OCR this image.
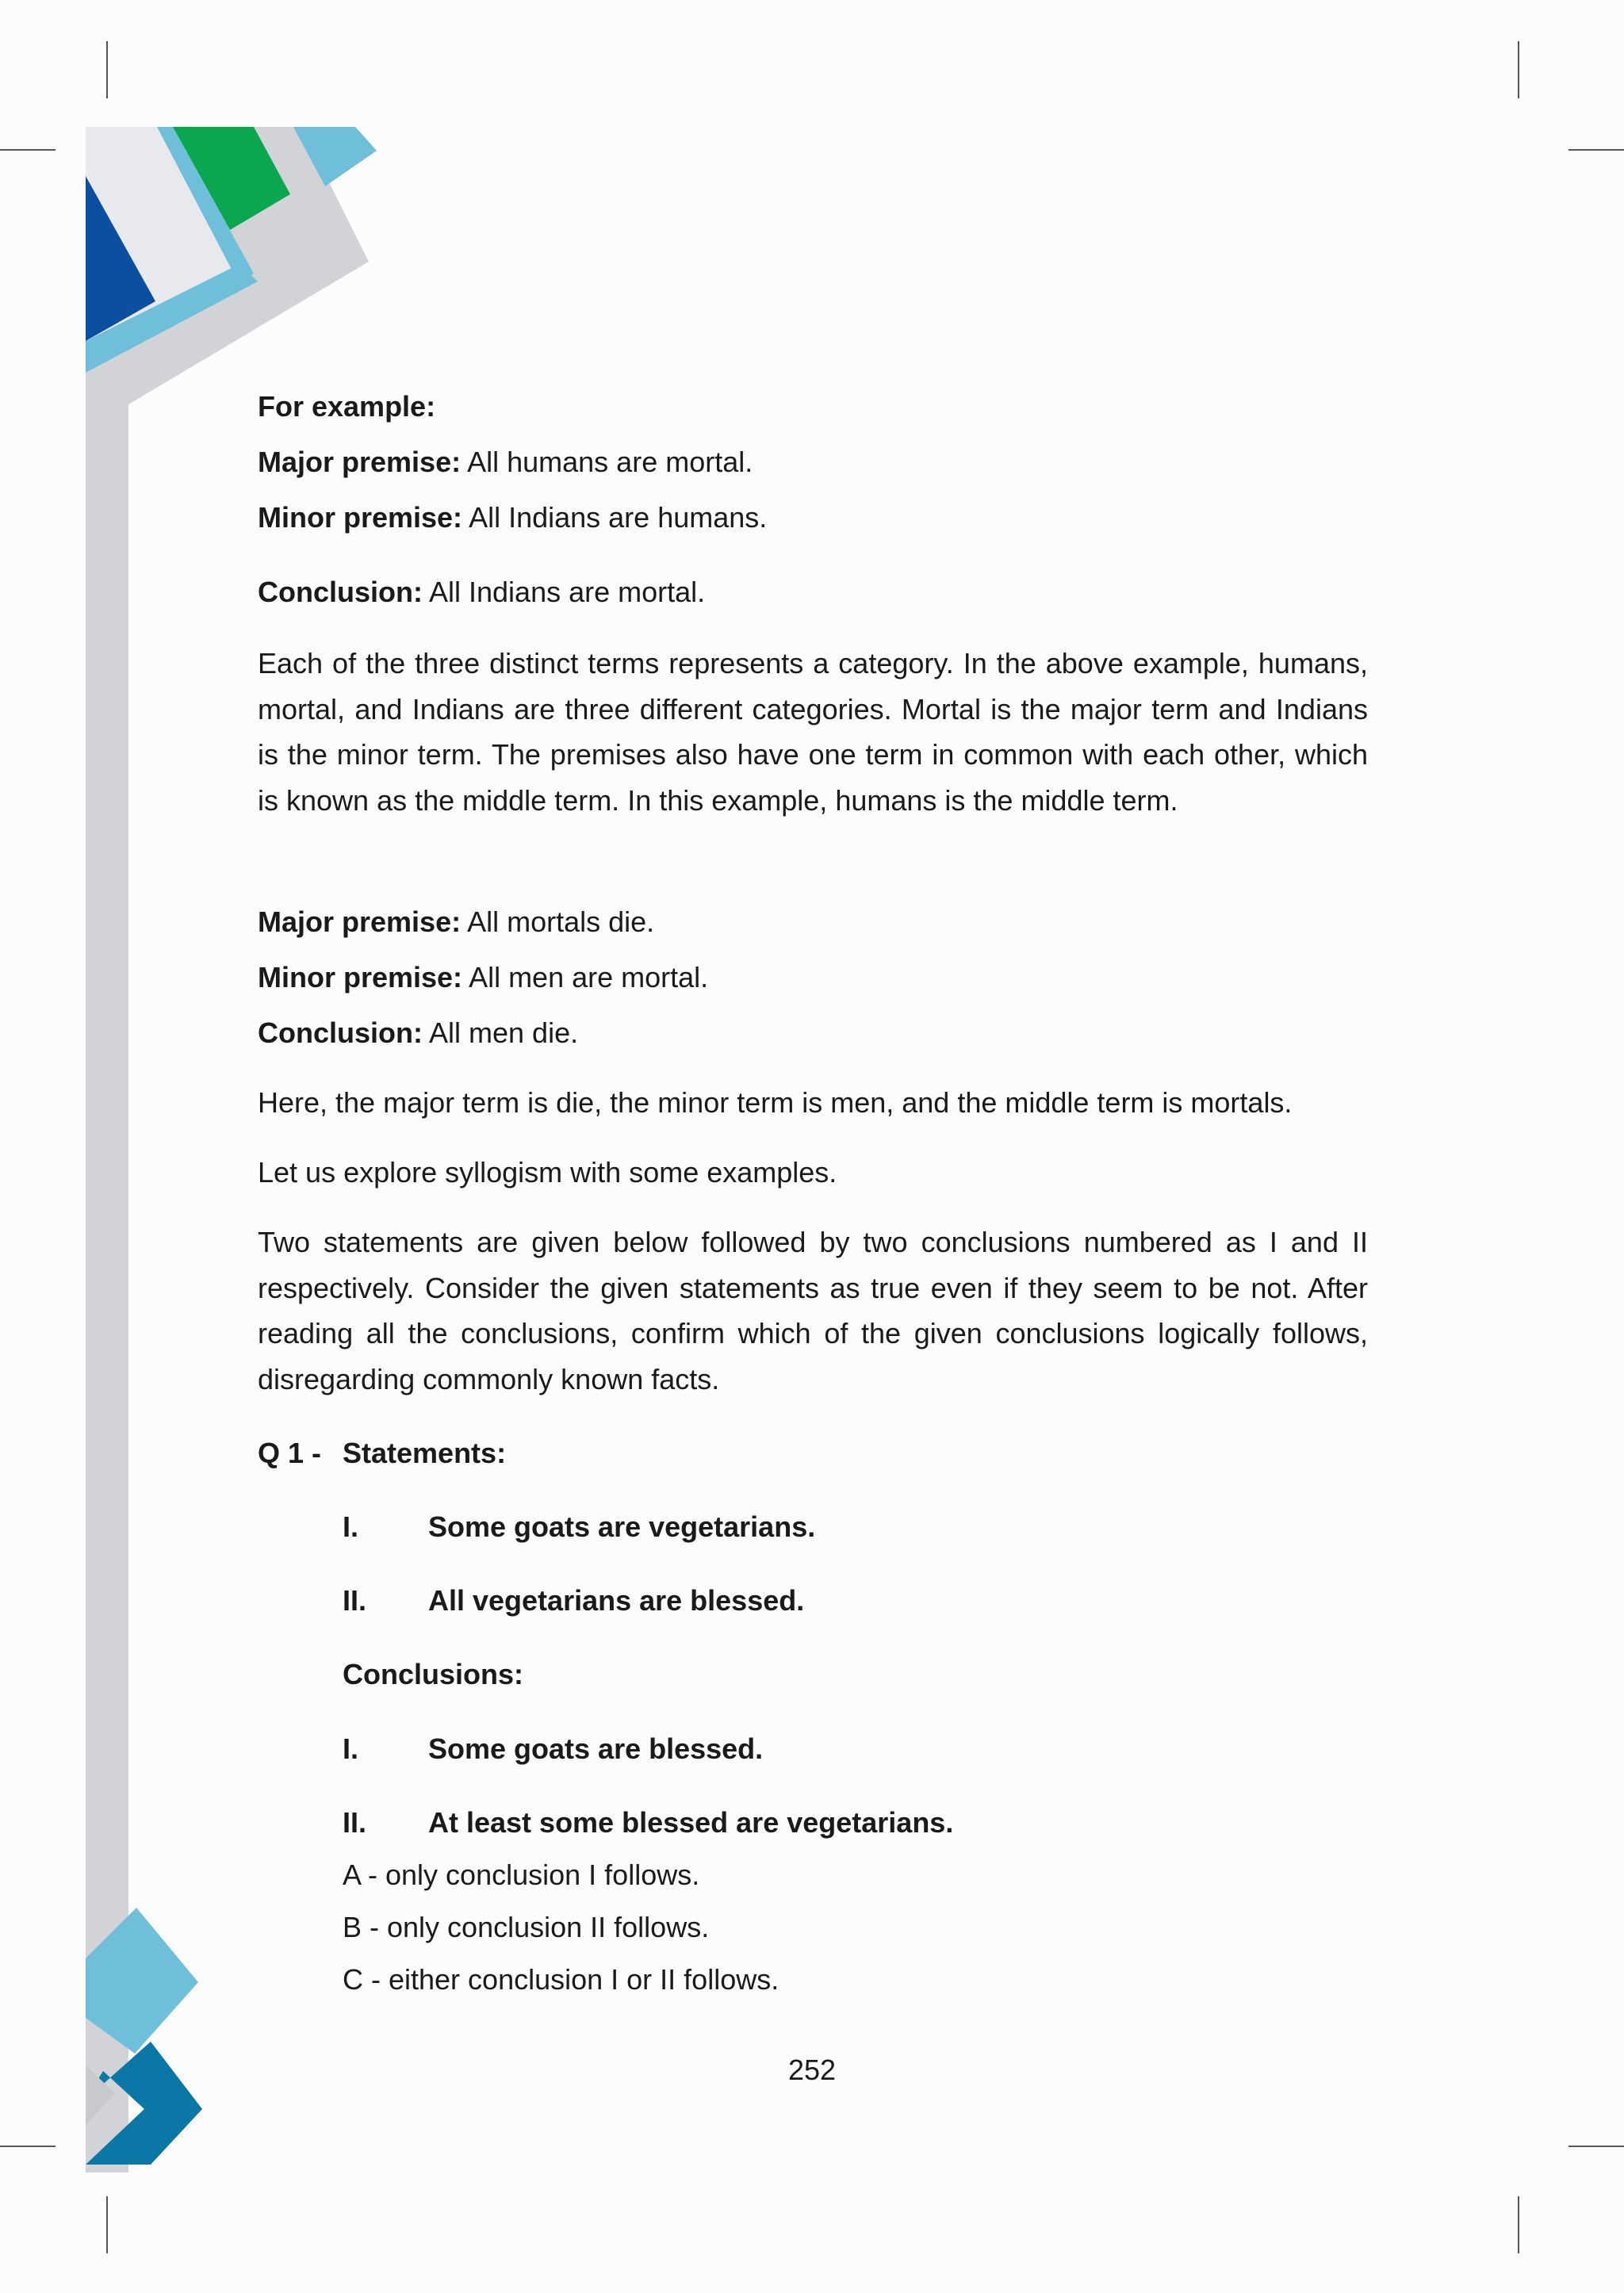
For example:
Major premise: All humans are mortal.
Minor premise: All Indians are humans.
Conclusion: All Indians are mortal.
Each of the three distinct terms represents a category. In the above example, humans, mortal, and Indians are three different categories. Mortal is the major term and Indians is the minor term. The premises also have one term in common with each other, which is known as the middle term. In this example, humans is the middle term.
Major premise: All mortals die.
Minor premise: All men are mortal.
Conclusion: All men die.
Here, the major term is die, the minor term is men, and the middle term is mortals.
Let us explore syllogism with some examples.
Two statements are given below followed by two conclusions numbered as I and II respectively. Consider the given statements as true even if they seem to be not. After reading all the conclusions, confirm which of the given conclusions logically follows, disregarding commonly known facts.
Q 1 - Statements:
I. Some goats are vegetarians.
II. All vegetarians are blessed.
Conclusions:
I. Some goats are blessed.
II. At least some blessed are vegetarians.
A - only conclusion I follows.
B - only conclusion II follows.
C - either conclusion I or II follows.
252
